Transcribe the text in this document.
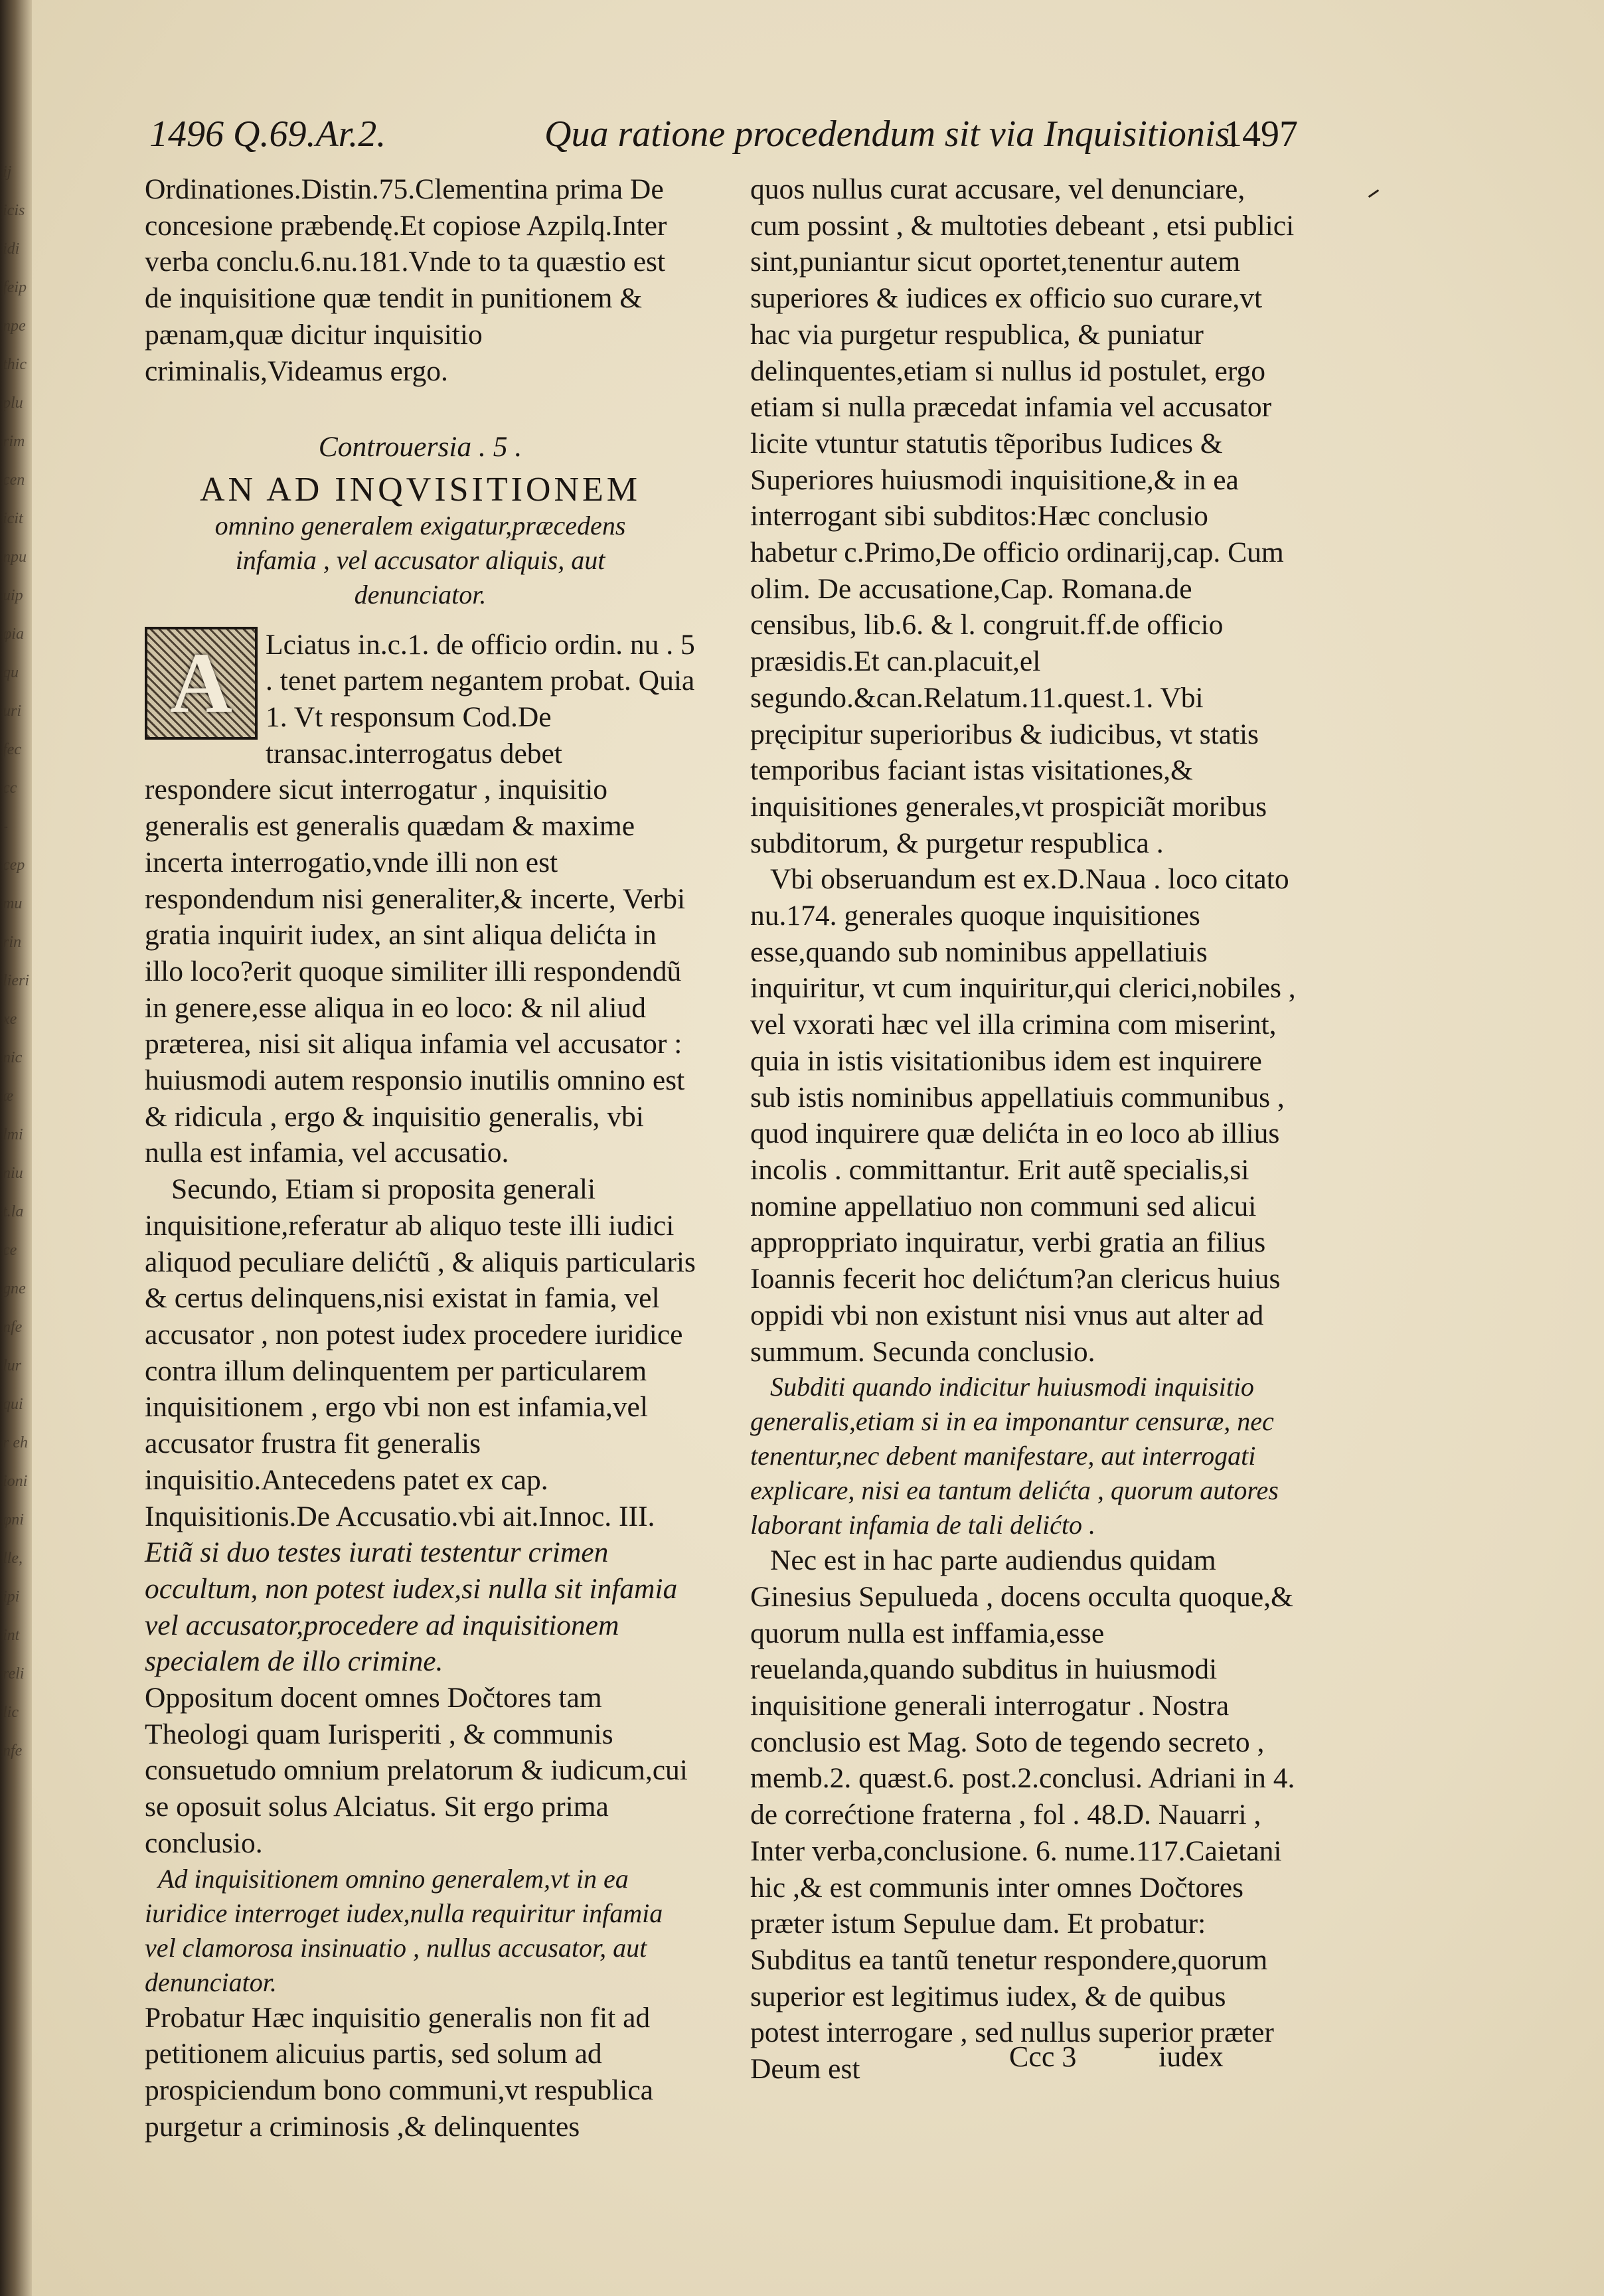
ij
icis
idi
feip
npe
thic
plu
rim
cen
icit
npu
uip
φia
qu
uri
fec
cc
-
cep
mu
rin
lieri
xe
nic
æ
lmi
niu
t.la
ce
gne
nfe
lur
qui
r eh
ioni
φni
lle,
ipi
int
reli
lic
nfe
1496 Q.69.Ar.2.	Qua ratione procedendum sit via Inquisitionis.
1497

Ordinationes.Distin.75.Clementina prima De concesione præbendę.Et copiose Azpilq.Inter verba conclu.6.nu.181.Vnde to ta quæstio est de inquisitione quæ tendit in punitionem & pænam,quæ dicitur inquisitio criminalis,Videamus ergo.

Controuersia . 5 .

AN AD INQVISITIONEM

omnino generalem exigatur,præcedens infamia , vel accusator aliquis, aut denunciator.

A	Lciatus in.c.1. de officio ordin. nu . 5 . tenet partem negantem probat. Quia 1. Vt responsum Cod.De transac.interrogatus debet respondere sicut interrogatur , inquisitio generalis est generalis quædam & maxime incerta interrogatio,vnde illi non est respondendum nisi generaliter,& incerte, Verbi gratia inquirit iudex, an sint aliqua delićta in illo loco?erit quoque similiter illi respondendũ in genere,esse aliqua in eo loco: & nil aliud præterea, nisi sit aliqua infamia vel accusator : huiusmodi autem responsio inutilis omnino est & ridicula , ergo & inquisitio generalis, vbi nulla est infamia, vel accusatio.

Secundo, Etiam si proposita generali inquisitione,referatur ab aliquo teste illi iudici aliquod peculiare delićtũ , & aliquis particularis & certus delinquens,nisi existat in famia, vel accusator , non potest iudex procedere iuridice contra illum delinquentem per particularem inquisitionem , ergo vbi non est infamia,vel accusator frustra fit generalis inquisitio.Antecedens patet ex cap. Inquisitionis.De Accusatio.vbi ait.Innoc. III.

Etiã si duo testes iurati testentur crimen occultum, non potest iudex,si nulla sit infamia vel accusator,procedere ad inquisitionem specialem de illo crimine.

Oppositum docent omnes Dočtores tam Theologi quam Iurisperiti , & communis consuetudo omnium prelatorum & iudicum,cui se oposuit solus Alciatus. Sit ergo prima conclusio.

Ad inquisitionem omnino generalem,vt in ea iuridice interroget iudex,nulla requiritur infamia vel clamorosa insinuatio , nullus accusator, aut denunciator.

Probatur Hæc inquisitio generalis non fit ad petitionem alicuius partis, sed solum ad prospiciendum bono communi,vt respublica purgetur a criminosis ,& delinquentes

quos nullus curat accusare, vel denunciare, cum possint , & multoties debeant , etsi publici sint,puniantur sicut oportet,tenentur autem superiores & iudices ex officio suo curare,vt hac via purgetur respublica, & puniatur delinquentes,etiam si nullus id postulet, ergo etiam si nulla præcedat infamia vel accusator licite vtuntur statutis tẽporibus Iudices & Superiores huiusmodi inquisitione,& in ea interrogant sibi subditos:Hæc conclusio habetur c.Primo,De officio ordinarij,cap. Cum olim. De accusatione,Cap. Romana.de censibus, lib.6. & l. congruit.ff.de officio præsidis.Et can.placuit,el segundo.&can.Relatum.11.quest.1. Vbi pręcipitur superioribus & iudicibus, vt statis temporibus faciant istas visitationes,& inquisitiones generales,vt prospiciãt moribus subditorum, & purgetur respublica .

Vbi obseruandum est ex.D.Naua . loco citato nu.174. generales quoque inquisitiones esse,quando sub nominibus appellatiuis inquiritur, vt cum inquiritur,qui clerici,nobiles , vel vxorati hæc vel illa crimina com miserint, quia in istis visitationibus idem est inquirere sub istis nominibus appellatiuis communibus , quod inquirere quæ delićta in eo loco ab illius incolis . committantur. Erit autẽ specialis,si nomine appellatiuo non communi sed alicui approppriato inquiratur, verbi gratia an filius Ioannis fecerit hoc delićtum?an clericus huius oppidi vbi non existunt nisi vnus aut alter ad summum. Secunda conclusio.

Subditi quando indicitur huiusmodi inquisitio generalis,etiam si in ea imponantur censuræ, nec tenentur,nec debent manifestare, aut interrogati explicare, nisi ea tantum delićta , quorum autores laborant infamia de tali delićto .

Nec est in hac parte audiendus quidam Ginesius Sepulueda , docens occulta quoque,& quorum nulla est inffamia,esse reuelanda,quando subditus in huiusmodi inquisitione generali interrogatur . Nostra conclusio est Mag. Soto de tegendo secreto , memb.2. quæst.6. post.2.conclusi. Adriani in 4. de correćtione fraterna , fol . 48.D. Nauarri , Inter verba,conclusione. 6. nume.117.Caietani hic ,& est communis inter omnes Dočtores præter istum Sepulue dam. Et probatur: Subditus ea tantũ tenetur respondere,quorum superior est legitimus iudex, & de quibus potest interrogare , sed nullus superior præter Deum est	Ccc 3	iudex
